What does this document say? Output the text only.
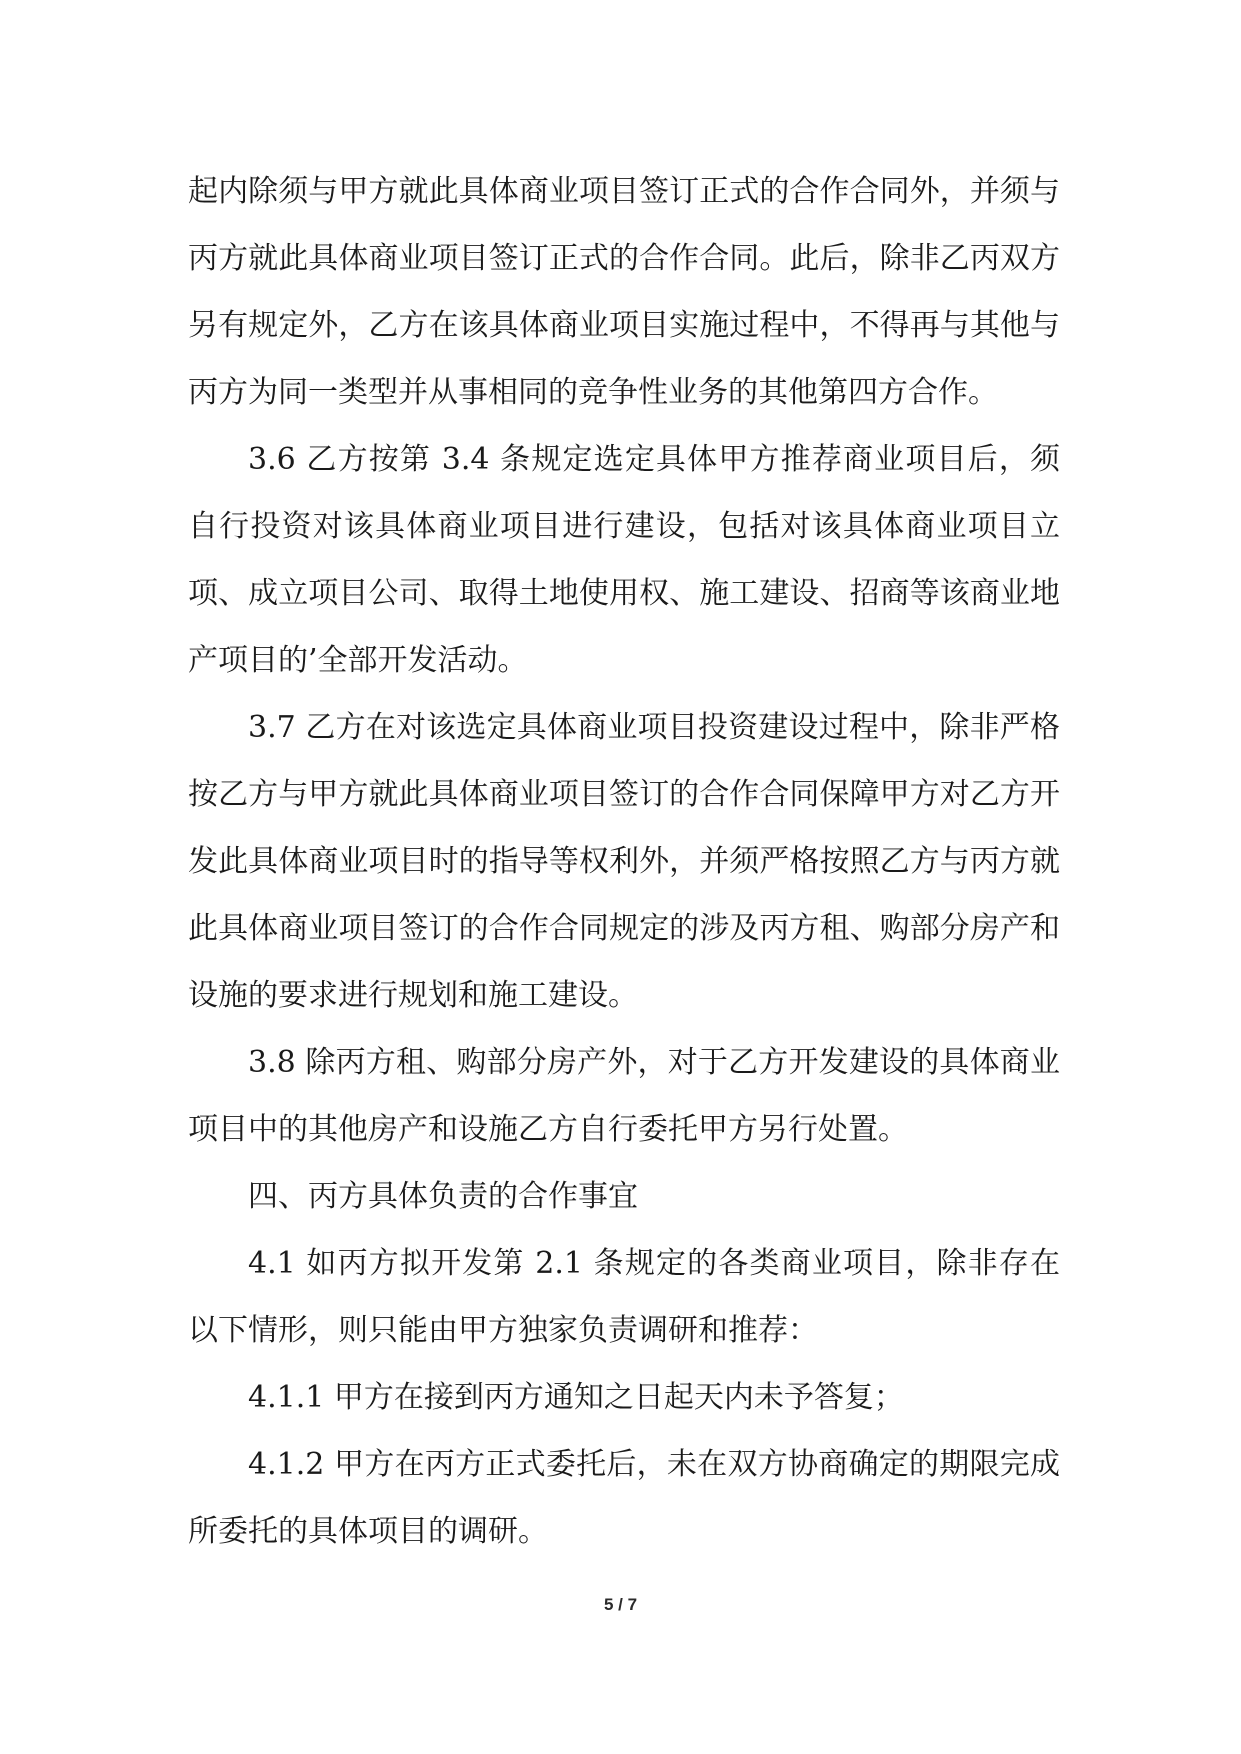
起内除须与甲方就此具体商业项目签订正式的合作合同外，并须与丙方就此具体商业项目签订正式的合作合同。此后，除非乙丙双方另有规定外，乙方在该具体商业项目实施过程中，不得再与其他与丙方为同一类型并从事相同的竞争性业务的其他第四方合作。

3.6 乙方按第 3.4 条规定选定具体甲方推荐商业项目后，须自行投资对该具体商业项目进行建设，包括对该具体商业项目立项、成立项目公司、取得土地使用权、施工建设、招商等该商业地产项目的’全部开发活动。

3.7 乙方在对该选定具体商业项目投资建设过程中，除非严格按乙方与甲方就此具体商业项目签订的合作合同保障甲方对乙方开发此具体商业项目时的指导等权利外，并须严格按照乙方与丙方就此具体商业项目签订的合作合同规定的涉及丙方租、购部分房产和设施的要求进行规划和施工建设。

3.8 除丙方租、购部分房产外，对于乙方开发建设的具体商业项目中的其他房产和设施乙方自行委托甲方另行处置。

四、丙方具体负责的合作事宜

4.1 如丙方拟开发第 2.1 条规定的各类商业项目，除非存在以下情形，则只能由甲方独家负责调研和推荐：

4.1.1 甲方在接到丙方通知之日起天内未予答复；

4.1.2 甲方在丙方正式委托后，未在双方协商确定的期限完成所委托的具体项目的调研。

5 / 7
